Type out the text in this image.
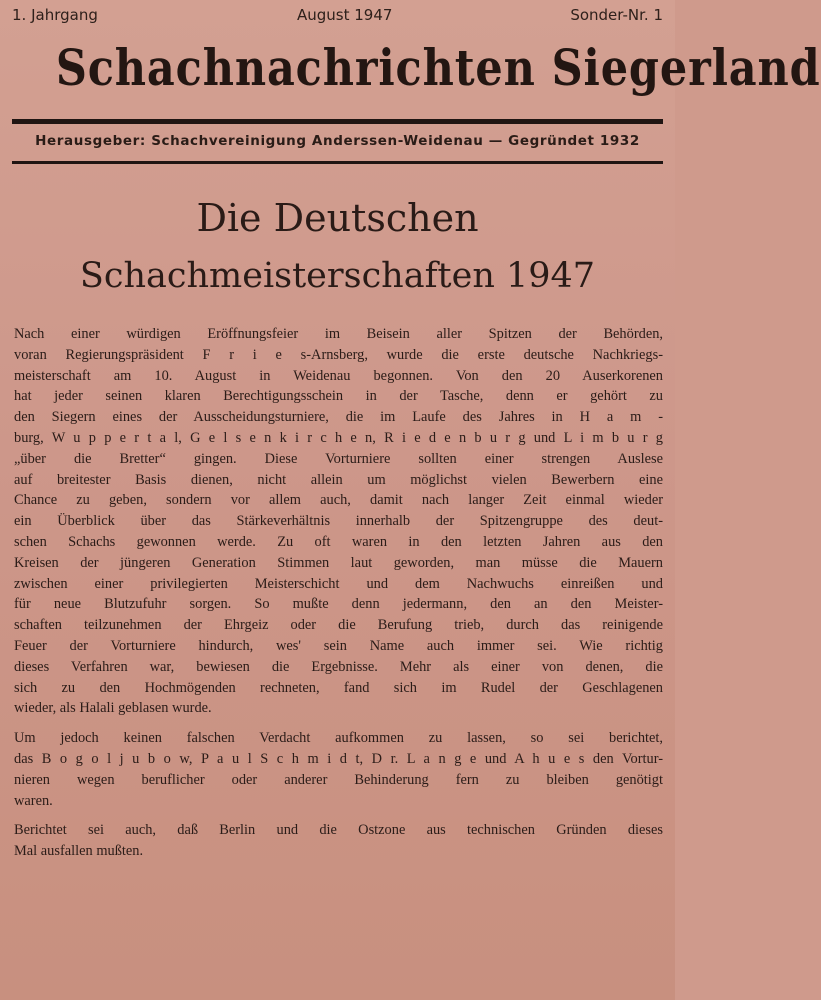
1. Jahrgang	August 1947	Sonder-Nr. 1
Schachnachrichten Siegerland
Herausgeber: Schachvereinigung Anderssen-Weidenau — Gegründet 1932
Die Deutschen
Schachmeisterschaften 1947
Nach einer würdigen Eröffnungsfeier im Beisein aller Spitzen der Behörden,
voran Regierungspräsident F r i e s-Arnsberg, wurde die erste deutsche Nachkriegs-
meisterschaft am 10. August in Weidenau begonnen. Von den 20 Auserkorenen
hat jeder seinen klaren Berechtigungsschein in der Tasche, denn er gehört zu
den Siegern eines der Ausscheidungsturniere, die im Laufe des Jahres in H a m -
burg, W u p p e r t a l, G e l s e n k i r c h e n, R i e d e n b u r g und L i m b u r g
„über die Bretter“ gingen. Diese Vorturniere sollten einer strengen Auslese
auf breitester Basis dienen, nicht allein um möglichst vielen Bewerbern eine
Chance zu geben, sondern vor allem auch, damit nach langer Zeit einmal wieder
ein Überblick über das Stärkeverhältnis innerhalb der Spitzengruppe des deut-
schen Schachs gewonnen werde. Zu oft waren in den letzten Jahren aus den
Kreisen der jüngeren Generation Stimmen laut geworden, man müsse die Mauern
zwischen einer privilegierten Meisterschicht und dem Nachwuchs einreißen und
für neue Blutzufuhr sorgen. So mußte denn jedermann, den an den Meister-
schaften teilzunehmen der Ehrgeiz oder die Berufung trieb, durch das reinigende
Feuer der Vorturniere hindurch, wes' sein Name auch immer sei. Wie richtig
dieses Verfahren war, bewiesen die Ergebnisse. Mehr als einer von denen, die
sich zu den Hochmögenden rechneten, fand sich im Rudel der Geschlagenen
wieder, als Halali geblasen wurde.
Um jedoch keinen falschen Verdacht aufkommen zu lassen, so sei berichtet,
das B o g o l j u b o w, P a u l S c h m i d t, D r. L a n g e und A h u e s den Vortur-
nieren wegen beruflicher oder anderer Behinderung fern zu bleiben genötigt
waren.
Berichtet sei auch, daß Berlin und die Ostzone aus technischen Gründen dieses
Mal ausfallen mußten.
